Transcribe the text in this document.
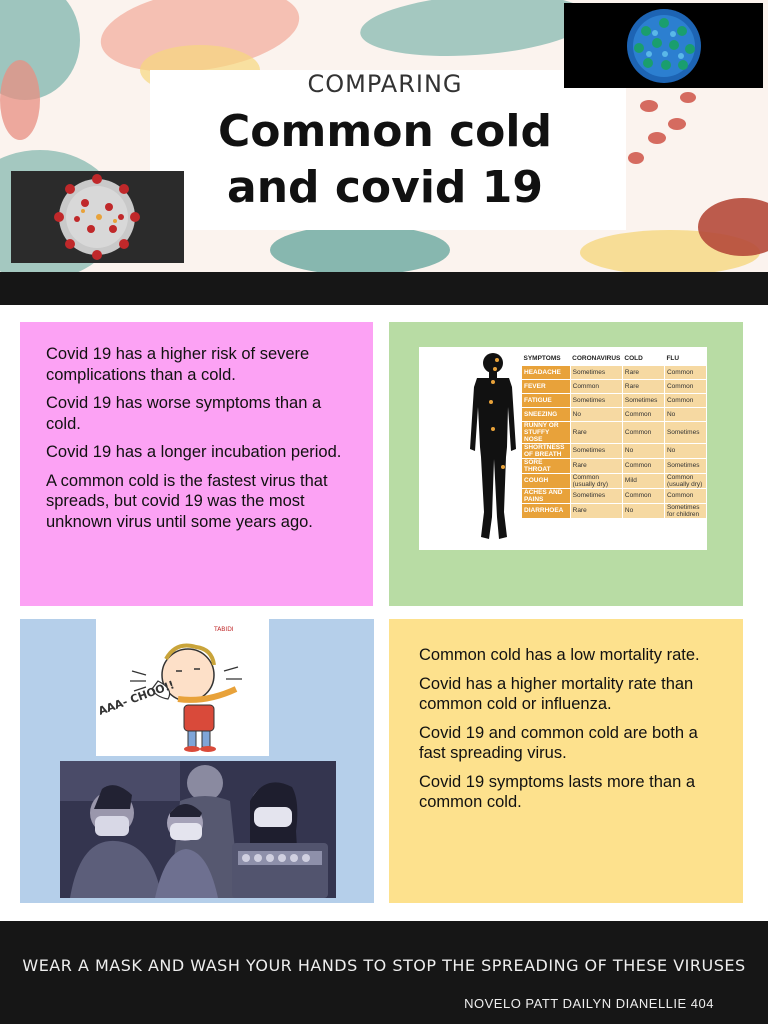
COMPARING
Common cold
and covid 19

Covid 19 has a higher risk of severe complications than a cold.

Covid 19 has worse symptoms than a cold.

Covid 19 has a longer incubation period.

A common cold is the fastest virus that spreads, but covid 19 was the most unknown virus until some years ago.

SYMPTOMS	CORONAVIRUS	COLD	FLU
HEADACHE	Sometimes	Rare	Common
FEVER	Common	Rare	Common
FATIGUE	Sometimes	Sometimes	Common
SNEEZING	No	Common	No
RUNNY OR STUFFY NOSE	Rare	Common	Sometimes
SHORTNESS OF BREATH	Sometimes	No	No
SORE THROAT	Rare	Common	Sometimes
COUGH	Common (usually dry)	Mild	Common (usually dry)
ACHES AND PAINS	Sometimes	Common	Common
DIARRHOEA	Rare	No	Sometimes for children
AAA- CHOO!!
TABIDI

Common cold has a low mortality rate.

Covid has a higher mortality rate than common cold or influenza.

Covid 19 and common cold are both a fast spreading virus.

Covid 19 symptoms lasts more than a common cold.

WEAR A MASK AND WASH YOUR HANDS TO STOP THE SPREADING OF THESE VIRUSES
NOVELO PATT DAILYN DIANELLIE 404
